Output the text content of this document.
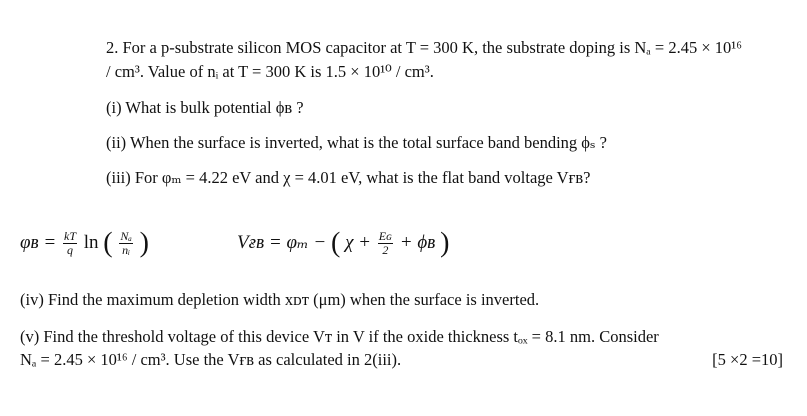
2. For a p-substrate silicon MOS capacitor at T = 300 K, the substrate doping is Nₐ = 2.45 × 10¹⁶
/ cm³. Value of nᵢ at T = 300 K is 1.5 × 10¹⁰ / cm³.
(i) What is bulk potential ϕʙ ?
(ii) When the surface is inverted, what is the total surface band bending ϕₛ ?
(iii) For φₘ = 4.22 eV and χ = 4.01 eV, what is the flat band voltage Vғʙ?
φʙ = $\frac{kT}{q}$ ln ( $\frac{\text{Nₐ}}{\text{nᵢ}}$ )	Vғʙ = φₘ − ( $\chi + \frac{\text{Eɢ}}{2}$ + ϕʙ )
(iv) Find the maximum depletion width xᴅᴛ (μm) when the surface is inverted.
(v) Find the threshold voltage of this device Vᴛ in V if the oxide thickness tₒₓ = 8.1 nm. Consider
Nₐ = 2.45 × 10¹⁶ / cm³. Use the Vғʙ as calculated in 2(iii).	[5 ×2 =10]
